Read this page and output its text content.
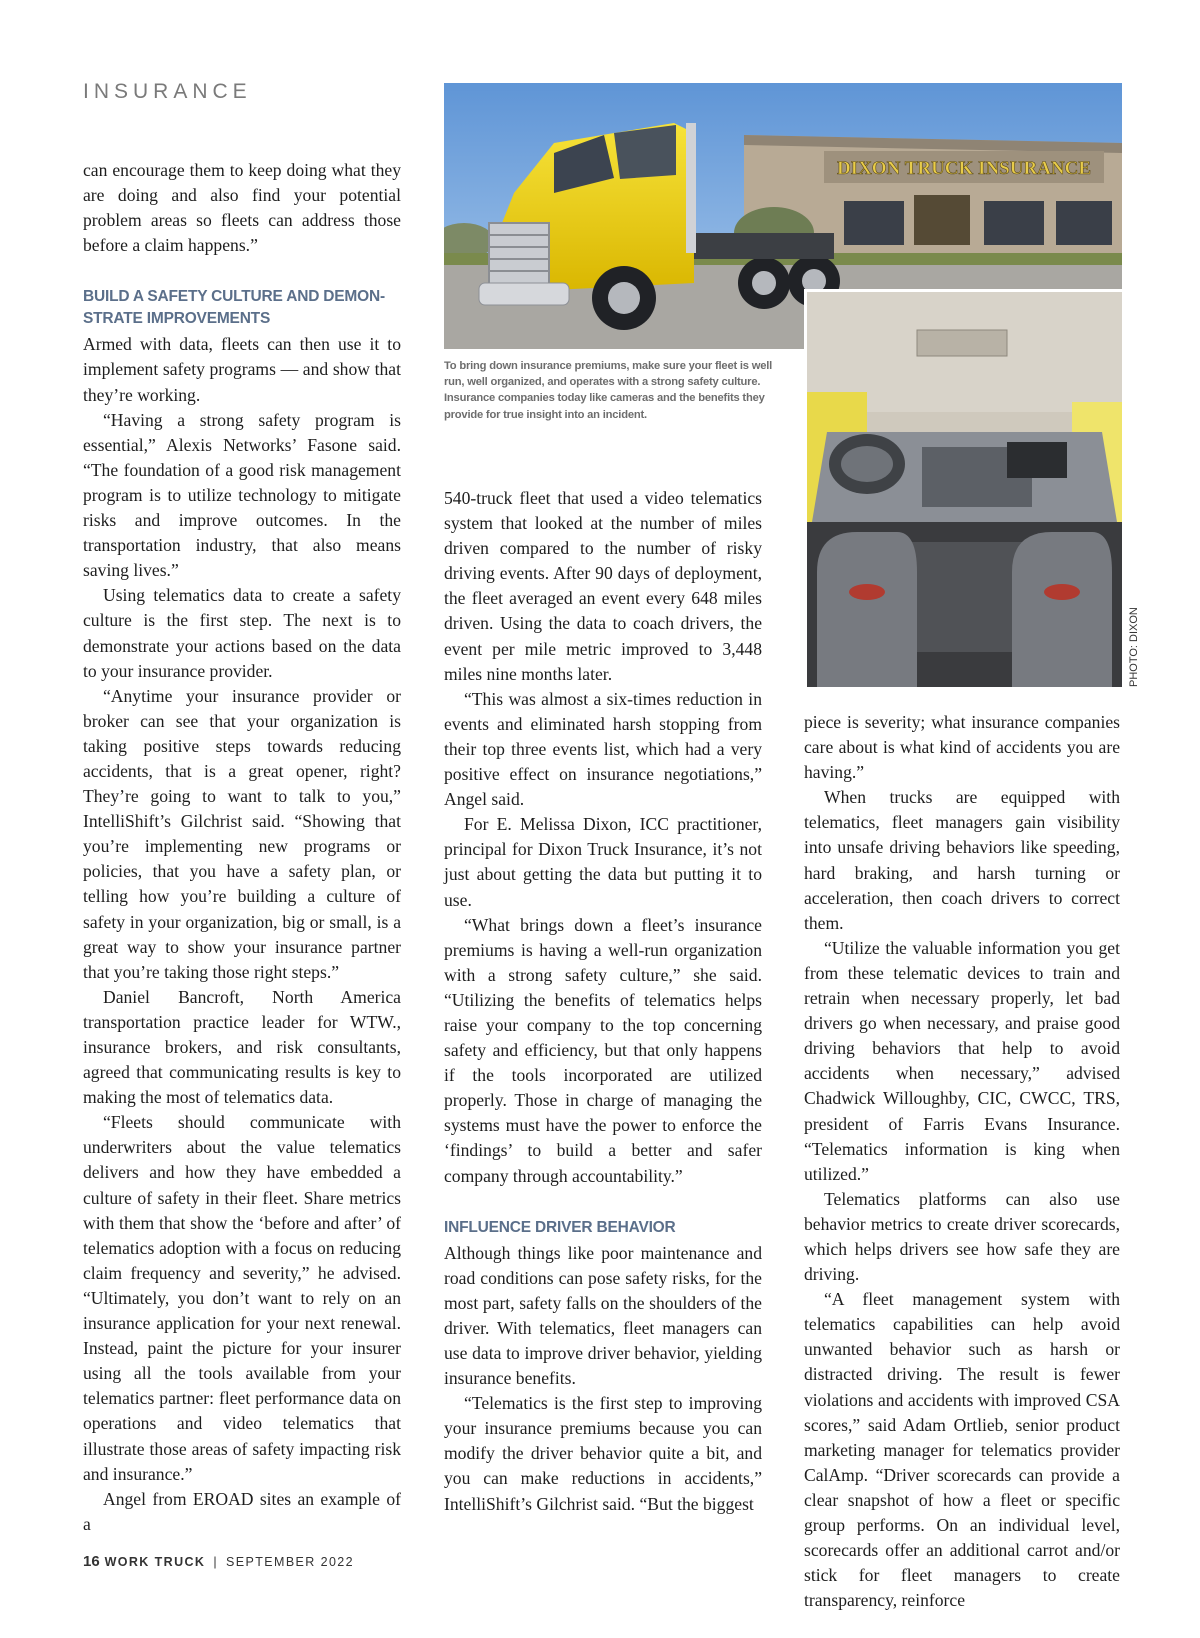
INSURANCE
DIXON TRUCK INSURANCE
To bring down insurance premiums, make sure your fleet is well run, well organized, and operates with a strong safety culture. Insurance companies today like cameras and the benefits they provide for true insight into an incident.
PHOTO: DIXON

can encourage them to keep doing what they are doing and also find your potential problem areas so fleets can address those before a claim happens.”

BUILD A SAFETY CULTURE AND DEMON-STRATE IMPROVEMENTS

Armed with data, fleets can then use it to implement safety programs — and show that they’re working.

“Having a strong safety program is essential,” Alexis Networks’ Fasone said. “The foundation of a good risk management program is to utilize technology to mitigate risks and improve outcomes. In the transportation industry, that also means saving lives.”

Using telematics data to create a safety culture is the first step. The next is to demonstrate your actions based on the data to your insurance provider.

“Anytime your insurance provider or broker can see that your organization is taking positive steps towards reducing accidents, that is a great opener, right? They’re going to want to talk to you,” IntelliShift’s Gilchrist said. “Showing that you’re implementing new programs or policies, that you have a safety plan, or telling how you’re building a culture of safety in your organization, big or small, is a great way to show your insurance partner that you’re taking those right steps.”

Daniel Bancroft, North America transportation practice leader for WTW., insurance brokers, and risk consultants, agreed that communicating results is key to making the most of telematics data.

“Fleets should communicate with underwriters about the value telematics delivers and how they have embedded a culture of safety in their fleet. Share metrics with them that show the ‘before and after’ of telematics adoption with a focus on reducing claim frequency and severity,” he advised. “Ultimately, you don’t want to rely on an insurance application for your next renewal. Instead, paint the picture for your insurer using all the tools available from your telematics partner: fleet performance data on operations and video telematics that illustrate those areas of safety impacting risk and insurance.”

Angel from EROAD sites an example of a

540-truck fleet that used a video telematics system that looked at the number of miles driven compared to the number of risky driving events. After 90 days of deployment, the fleet averaged an event every 648 miles driven. Using the data to coach drivers, the event per mile metric improved to 3,448 miles nine months later.

“This was almost a six-times reduction in events and eliminated harsh stopping from their top three events list, which had a very positive effect on insurance negotiations,” Angel said.

For E. Melissa Dixon, ICC practitioner, principal for Dixon Truck Insurance, it’s not just about getting the data but putting it to use.

“What brings down a fleet’s insurance premiums is having a well-run organization with a strong safety culture,” she said. “Utilizing the benefits of telematics helps raise your company to the top concerning safety and efficiency, but that only happens if the tools incorporated are utilized properly. Those in charge of managing the systems must have the power to enforce the ‘findings’ to build a better and safer company through accountability.”

INFLUENCE DRIVER BEHAVIOR

Although things like poor maintenance and road conditions can pose safety risks, for the most part, safety falls on the shoulders of the driver. With telematics, fleet managers can use data to improve driver behavior, yielding insurance benefits.

“Telematics is the first step to improving your insurance premiums because you can modify the driver behavior quite a bit, and you can make reductions in accidents,” IntelliShift’s Gilchrist said. “But the biggest

piece is severity; what insurance companies care about is what kind of accidents you are having.”

When trucks are equipped with telematics, fleet managers gain visibility into unsafe driving behaviors like speeding, hard braking, and harsh turning or acceleration, then coach drivers to correct them.

“Utilize the valuable information you get from these telematic devices to train and retrain when necessary properly, let bad drivers go when necessary, and praise good driving behaviors that help to avoid accidents when necessary,” advised Chadwick Willoughby, CIC, CWCC, TRS, president of Farris Evans Insurance. “Telematics information is king when utilized.”

Telematics platforms can also use behavior metrics to create driver scorecards, which helps drivers see how safe they are driving.

“A fleet management system with telematics capabilities can help avoid unwanted behavior such as harsh or distracted driving. The result is fewer violations and accidents with improved CSA scores,” said Adam Ortlieb, senior product marketing manager for telematics provider CalAmp. “Driver scorecards can provide a clear snapshot of how a fleet or specific group performs. On an individual level, scorecards offer an additional carrot and/or stick for fleet managers to create transparency, reinforce

16 WORK TRUCK | SEPTEMBER 2022
